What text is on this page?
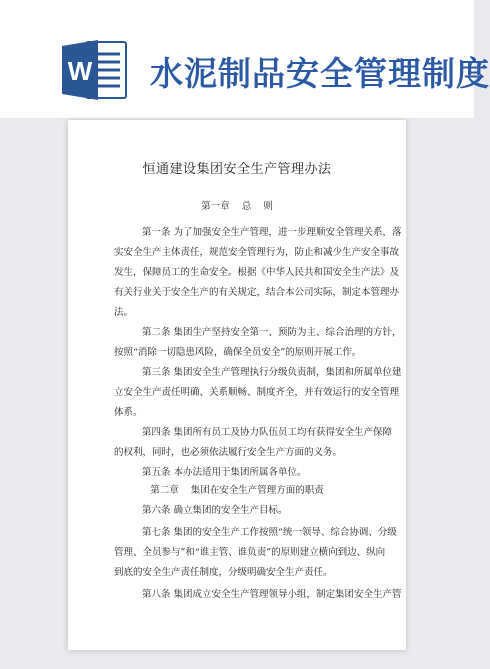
W 水泥制品安全管理制度
□
恒通建设集团安全生产管理办法
第一章    总    则
第一条 为了加强安全生产管理，进一步理顺安全管理关系，落
实安全生产主体责任，规范安全管理行为，防止和减少生产安全事故
发生，保障员工的生命安全。根据《中华人民共和国安全生产法》及
有关行业关于安全生产的有关规定，结合本公司实际，制定本管理办
法。
第二条 集团生产坚持安全第一、预防为主、综合治理的方针，
按照“消除一切隐患风险，确保全员安全”的原则开展工作。
第三条 集团安全生产管理执行分级负责制，集团和所属单位建
立安全生产责任明确、关系顺畅、制度齐全，并有效运行的安全管理
体系。
第四条 集团所有员工及协力队伍员工均有获得安全生产保障
的权利，同时，也必须依法履行安全生产方面的义务。
第五条 本办法适用于集团所属各单位。
第二章    集团在安全生产管理方面的职责
第六条 确立集团的安全生产目标。
第七条 集团的安全生产工作按照“统一领导、综合协调、分级
管理、全员参与”和“谁主管、谁负责”的原则建立横向到边、纵向
到底的安全生产责任制度，分级明确安全生产责任。
第八条 集团成立安全生产管理领导小组，制定集团安全生产管
